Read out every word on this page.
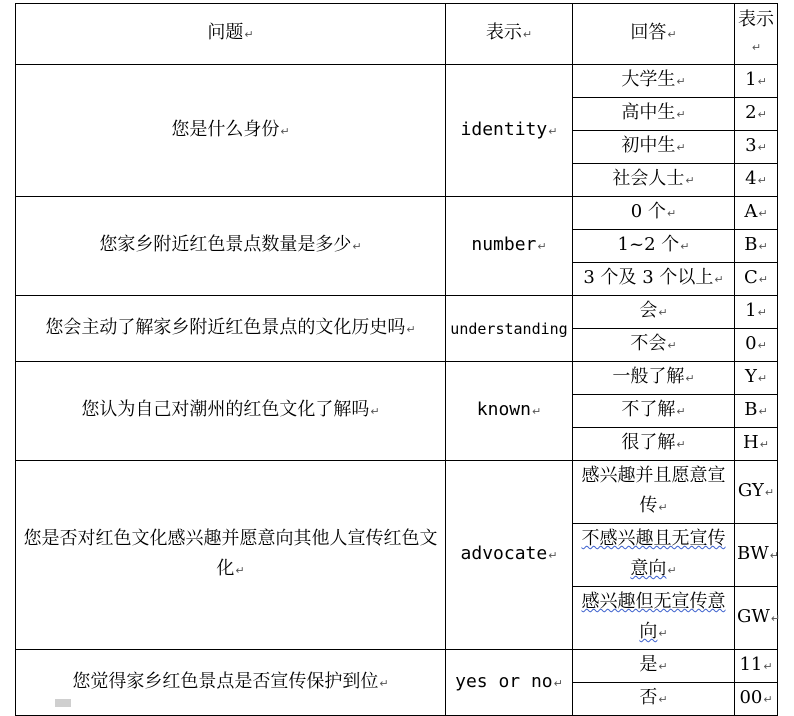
问题↵	表示↵	回答↵	表示↵
您是什么身份↵	identity↵	大学生↵	1↵
		高中生↵	2↵
		初中生↵	3↵
		社会人士↵	4↵
您家乡附近红色景点数量是多少↵	number↵	0 个↵	A↵
		1~2 个↵	B↵
		3 个及 3 个以上↵	C↵
您会主动了解家乡附近红色景点的文化历史吗↵	understanding	会↵	1↵
		不会↵	0↵
您认为自己对潮州的红色文化了解吗↵	known↵	一般了解↵	Y↵
		不了解↵	B↵
		很了解↵	H↵
您是否对红色文化感兴趣并愿意向其他人宣传红色文化↵	advocate↵	感兴趣并且愿意宣传↵	GY↵
		不感兴趣且无宣传意向↵	BW↵
		感兴趣但无宣传意向↵	GW↵
您觉得家乡红色景点是否宣传保护到位↵	yes or no↵	是↵	11↵
		否↵	00↵
